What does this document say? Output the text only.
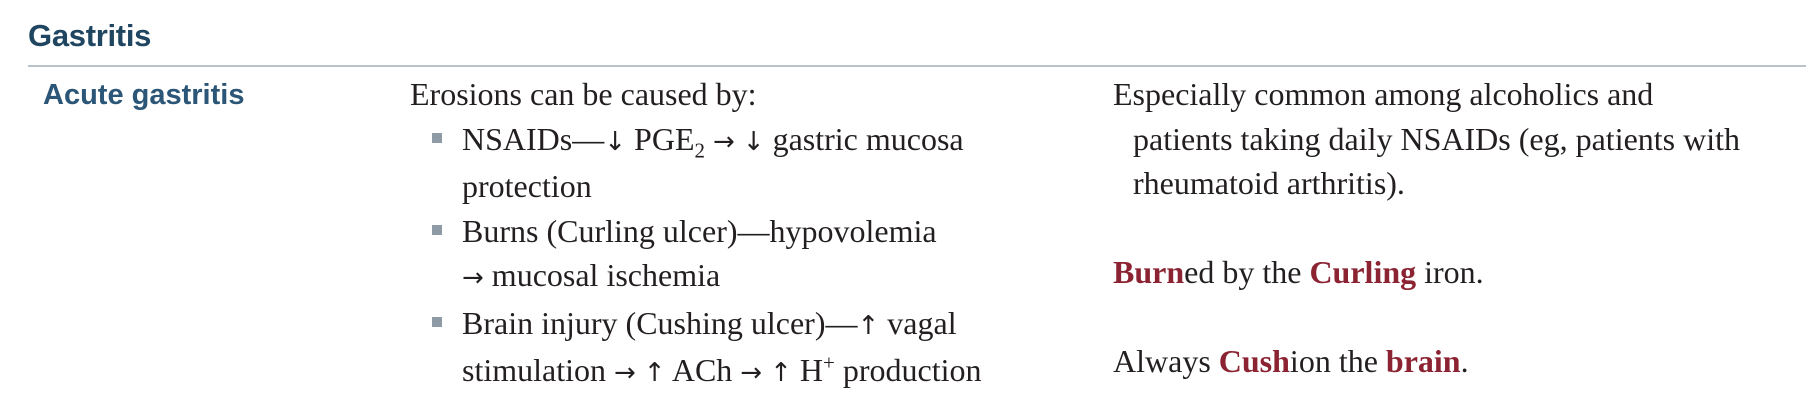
Gastritis
Acute gastritis	Erosions can be caused by:
NSAIDs—↓ $PGE_2$ → ↓ gastric mucosa
protection
Burns (Curling ulcer)—hypovolemia
→ mucosal ischemia
Brain injury (Cushing ulcer)—↑ vagal
stimulation → ↑ ACh → ↑ H+ production
Especially common among alcoholics and
patients taking daily NSAIDs (eg, patients with
rheumatoid arthritis).
Burned by the Curling iron.
Always Cushion the brain.
